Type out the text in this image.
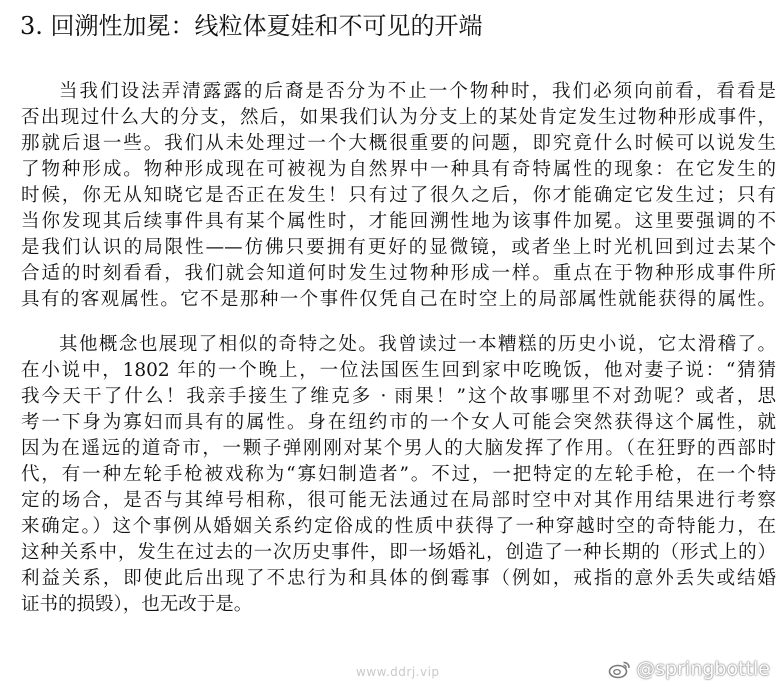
3. 回溯性加冕：线粒体夏娃和不可见的开端
当我们设法弄清露露的后裔是否分为不止一个物种时，我们必须向前看，看看是
否出现过什么大的分支，然后，如果我们认为分支上的某处肯定发生过物种形成事件，
那就后退一些。我们从未处理过一个大概很重要的问题，即究竟什么时候可以说发生
了物种形成。物种形成现在可被视为自然界中一种具有奇特属性的现象：在它发生的
时候，你无从知晓它是否正在发生！只有过了很久之后，你才能确定它发生过；只有
当你发现其后续事件具有某个属性时，才能回溯性地为该事件加冕。这里要强调的不
是我们认识的局限性——仿佛只要拥有更好的显微镜，或者坐上时光机回到过去某个
合适的时刻看看，我们就会知道何时发生过物种形成一样。重点在于物种形成事件所
具有的客观属性。它不是那种一个事件仅凭自己在时空上的局部属性就能获得的属性。
其他概念也展现了相似的奇特之处。我曾读过一本糟糕的历史小说，它太滑稽了。
在小说中，1802 年的一个晚上，一位法国医生回到家中吃晚饭，他对妻子说：“猜猜
我今天干了什么！我亲手接生了维克多 · 雨果！”这个故事哪里不对劲呢？或者，思
考一下身为寡妇而具有的属性。身在纽约市的一个女人可能会突然获得这个属性，就
因为在遥远的道奇市，一颗子弹刚刚对某个男人的大脑发挥了作用。（在狂野的西部时
代，有一种左轮手枪被戏称为“寡妇制造者”。不过，一把特定的左轮手枪，在一个特
定的场合，是否与其绰号相称，很可能无法通过在局部时空中对其作用结果进行考察
来确定。）这个事例从婚姻关系约定俗成的性质中获得了一种穿越时空的奇特能力，在
这种关系中，发生在过去的一次历史事件，即一场婚礼，创造了一种长期的（形式上的）
利益关系，即使此后出现了不忠行为和具体的倒霉事（例如，戒指的意外丢失或结婚
证书的损毁），也无改于是。
www.ddrj.vip	@springbottle
